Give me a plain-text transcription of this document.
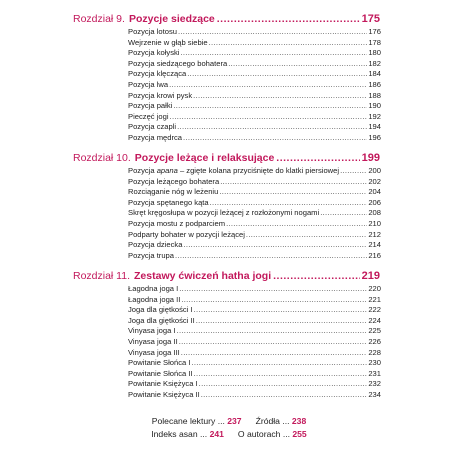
Rozdział 9. Pozycje siedzące .....	175
Pozycja lotosu .....	176
Wejrzenie w głąb siebie .....	178
Pozycja kołyski .....	180
Pozycja siedzącego bohatera .....	182
Pozycja klęcząca .....	184
Pozycja lwa .....	186
Pozycja krowi pysk .....	188
Pozycja pałki .....	190
Pieczęć jogi .....	192
Pozycja czapli .....	194
Pozycja mędrca .....	196
Rozdział 10. Pozycje leżące i relaksujące .....	199
Pozycja apana – zgięte kolana przyciśnięte do klatki piersiowej .....	200
Pozycja leżącego bohatera .....	202
Rozciąganie nóg w leżeniu .....	204
Pozycja spętanego kąta .....	206
Skręt kręgosłupa w pozycji leżącej z rozłożonymi nogami .....	208
Pozycja mostu z podparciem .....	210
Podparty bohater w pozycji leżącej .....	212
Pozycja dziecka .....	214
Pozycja trupa .....	216
Rozdział 11. Zestawy ćwiczeń hatha jogi .....	219
Łagodna joga I .....	220
Łagodna joga II .....	221
Joga dla giętkości I .....	222
Joga dla giętkości II .....	224
Vinyasa joga I .....	225
Vinyasa joga II .....	226
Vinyasa joga III .....	228
Powitanie Słońca I .....	230
Powitanie Słońca II .....	231
Powitanie Księżyca I .....	232
Powitanie Księżyca II .....	234
Polecane lektury ... 237 Źródła ... 238
Indeks asan ... 241 O autorach ... 255
